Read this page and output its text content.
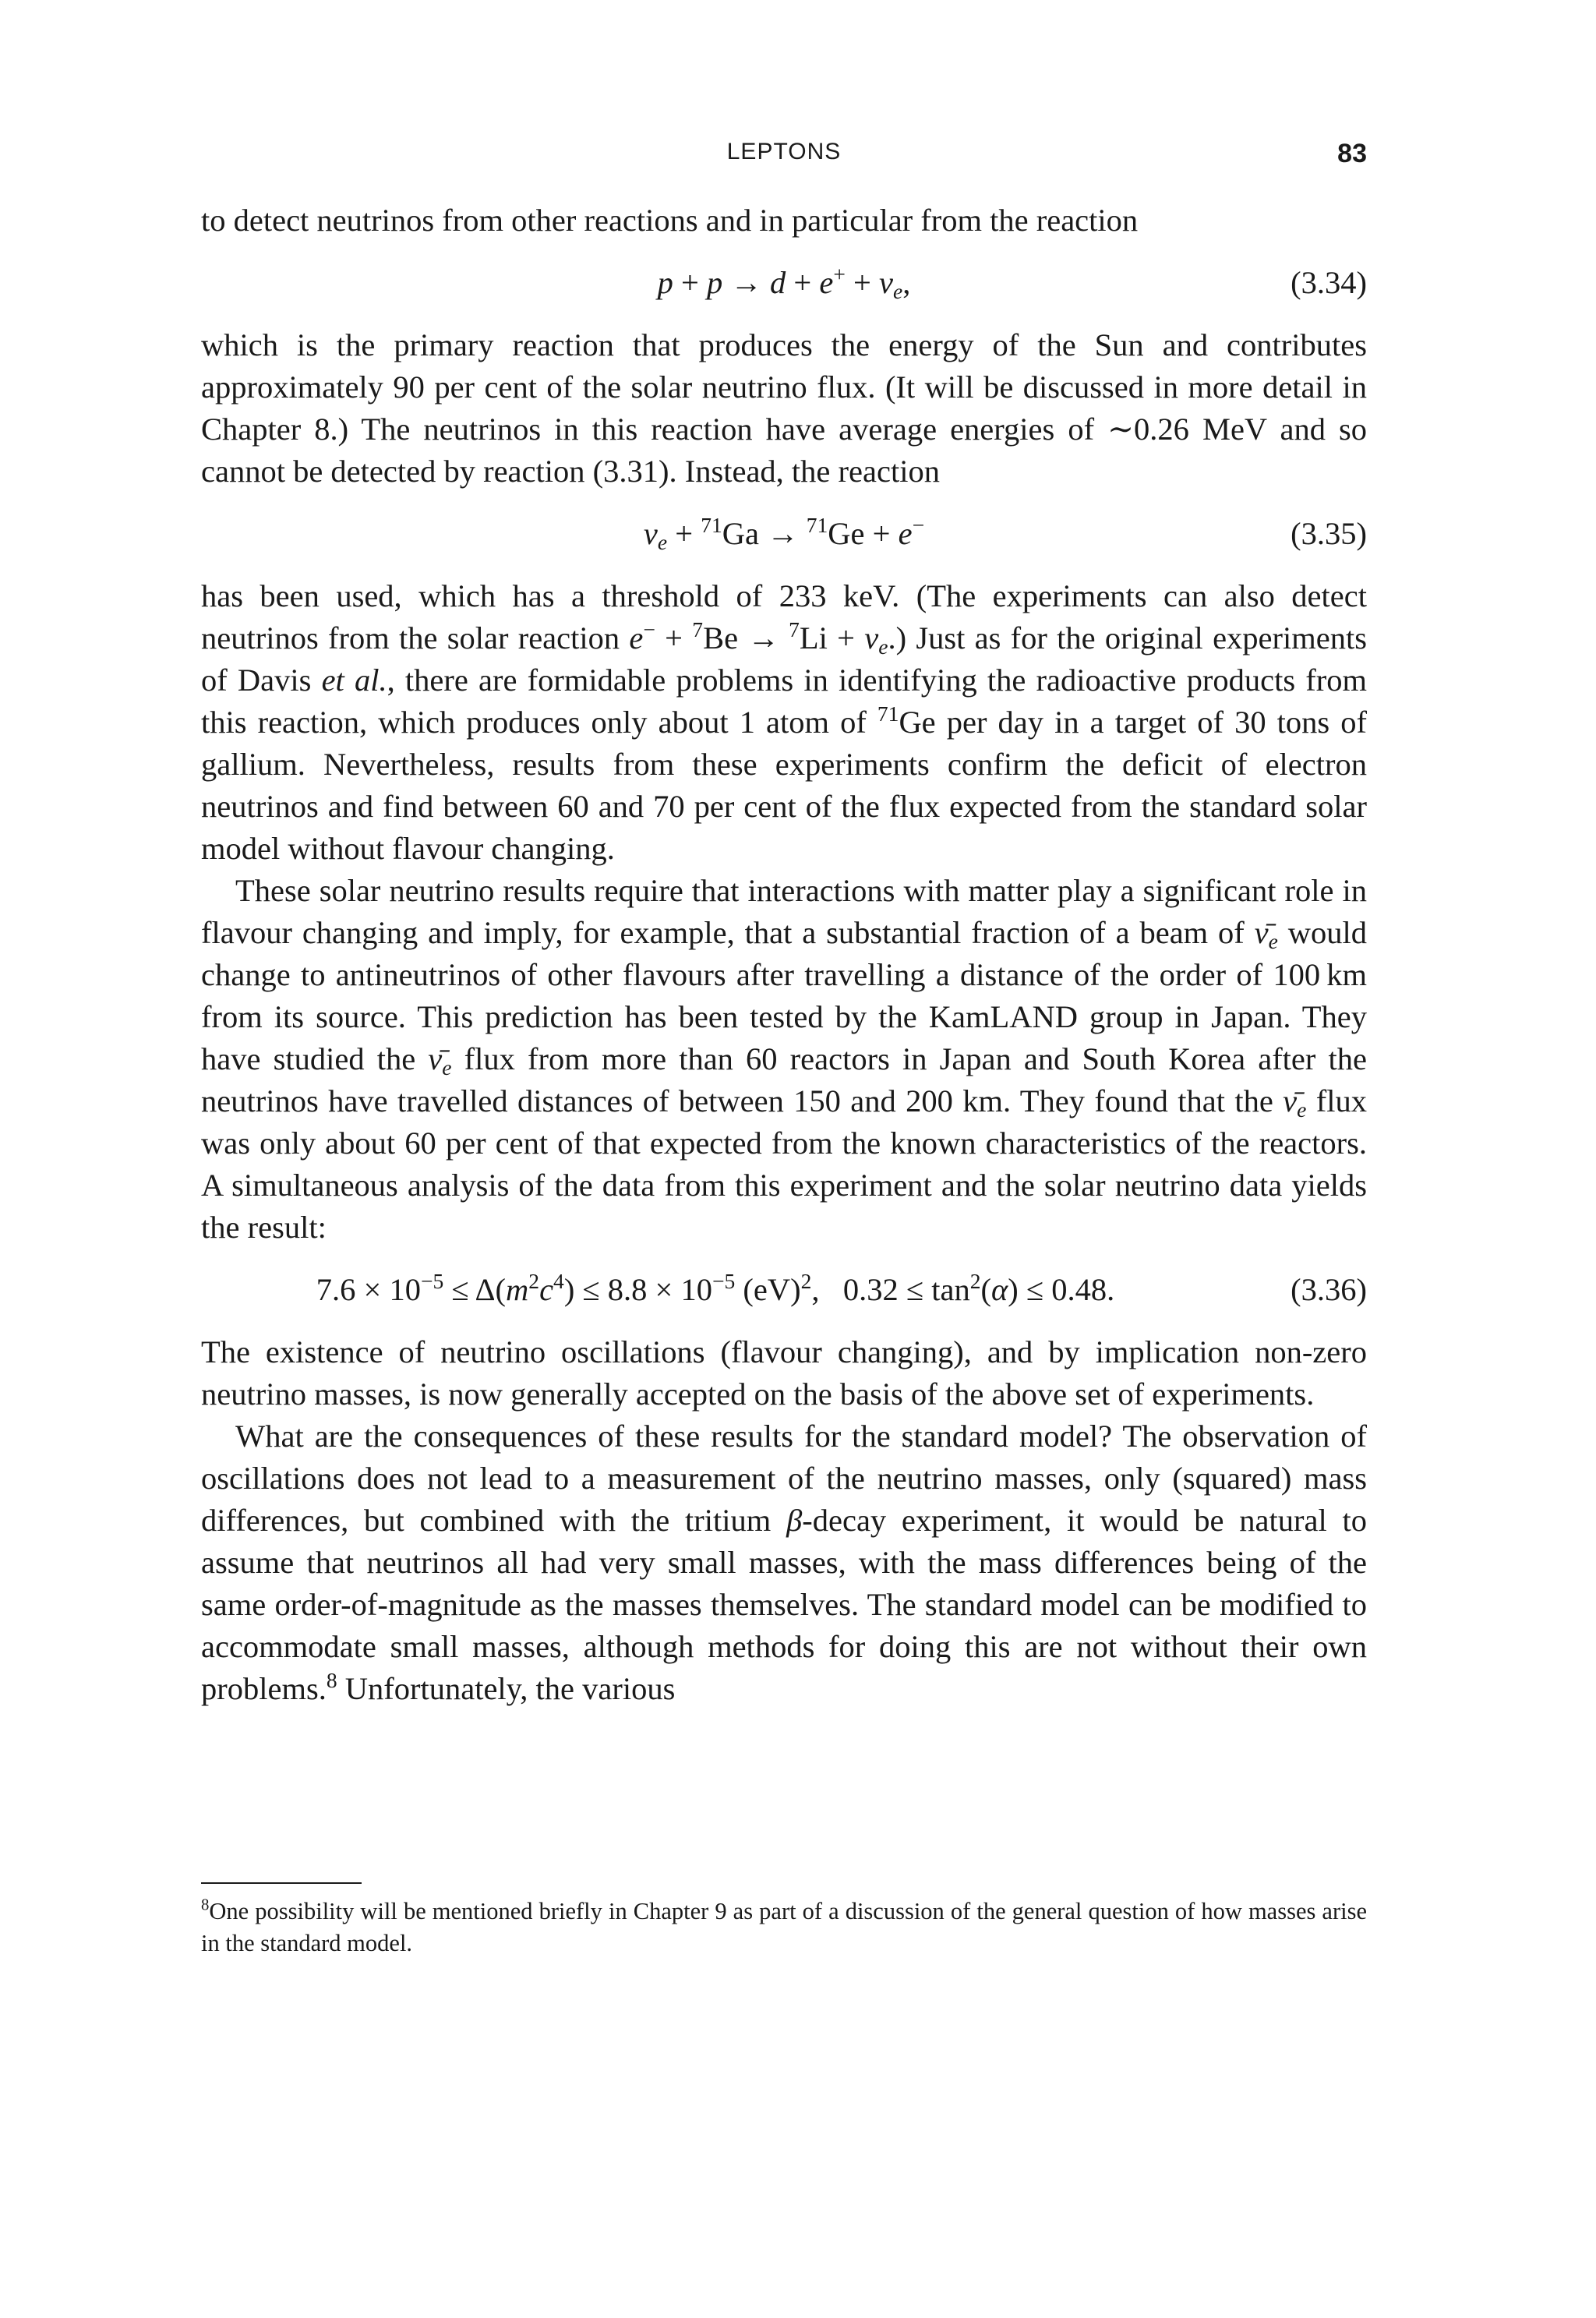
LEPTONS	83

to detect neutrinos from other reactions and in particular from the reaction

$p + p \to d + e^+ + \nu_e$,	(3.34)

which is the primary reaction that produces the energy of the Sun and contributes approximately 90 per cent of the solar neutrino flux. (It will be discussed in more detail in Chapter 8.) The neutrinos in this reaction have average energies of ∼0.26 MeV and so cannot be detected by reaction (3.31). Instead, the reaction

$\nu_e + ^{71}Ga \to ^{71}Ge + e^-$	(3.35)

has been used, which has a threshold of 233 keV. (The experiments can also detect neutrinos from the solar reaction $e^- + ^7Be \to ^7Li + \nu_e$.) Just as for the original experiments of Davis et al., there are formidable problems in identifying the radioactive products from this reaction, which produces only about 1 atom of $^{71}$Ge per day in a target of 30 tons of gallium. Nevertheless, results from these experiments confirm the deficit of electron neutrinos and find between 60 and 70 per cent of the flux expected from the standard solar model without flavour changing.

These solar neutrino results require that interactions with matter play a significant role in flavour changing and imply, for example, that a substantial fraction of a beam of $\nū_e$ would change to antineutrinos of other flavours after travelling a distance of the order of 100 km from its source. This prediction has been tested by the KamLAND group in Japan. They have studied the $\nū_e$ flux from more than 60 reactors in Japan and South Korea after the neutrinos have travelled distances of between 150 and 200 km. They found that the $\nū_e$ flux was only about 60 per cent of that expected from the known characteristics of the reactors. A simultaneous analysis of the data from this experiment and the solar neutrino data yields the result:

$7.6 \times 10^{-5} \le \Delta(m^2c^4) \le 8.8 \times 10^{-5}$ (eV)$^2$,   $0.32 \le \tan^2(\alpha) \le 0.48$.	(3.36)

The existence of neutrino oscillations (flavour changing), and by implication non-zero neutrino masses, is now generally accepted on the basis of the above set of experiments.

What are the consequences of these results for the standard model? The observation of oscillations does not lead to a measurement of the neutrino masses, only (squared) mass differences, but combined with the tritium β-decay experiment, it would be natural to assume that neutrinos all had very small masses, with the mass differences being of the same order-of-magnitude as the masses themselves. The standard model can be modified to accommodate small masses, although methods for doing this are not without their own problems.$^8$ Unfortunately, the various

$^8$One possibility will be mentioned briefly in Chapter 9 as part of a discussion of the general question of how masses arise in the standard model.
